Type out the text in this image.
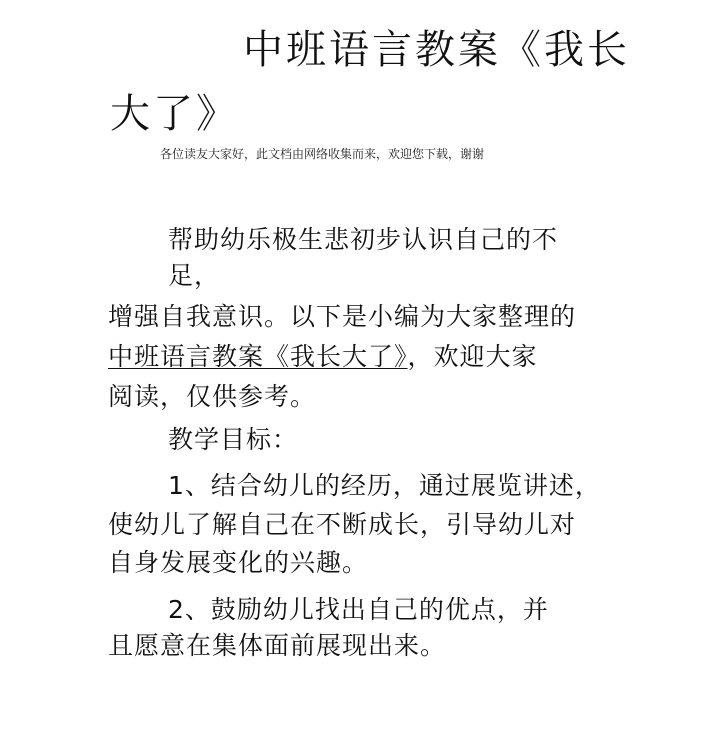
中班语言教案《我长
大了》
各位读友大家好，此文档由网络收集而来，欢迎您下载，谢谢
帮助幼乐极生悲初步认识自己的不
足，
增强自我意识。以下是小编为大家整理的
中班语言教案《我长大了》，欢迎大家
阅读，仅供参考。
教学目标：
1、结合幼儿的经历，通过展览讲述，
使幼儿了解自己在不断成长，引导幼儿对
自身发展变化的兴趣。
2、鼓励幼儿找出自己的优点，并
且愿意在集体面前展现出来。
